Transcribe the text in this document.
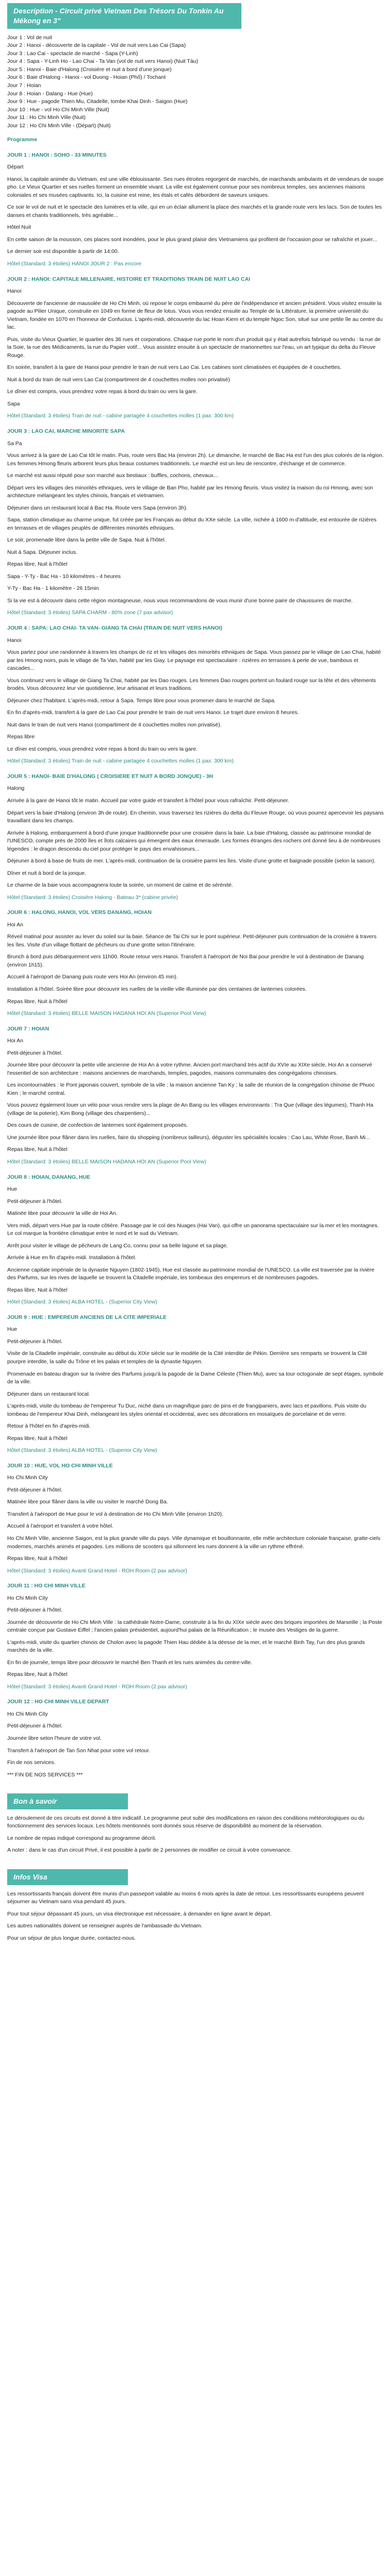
Description - Circuit privé Vietnam Des Trésors Du Tonkin Au Mékong en 3"
Jour 1 : Vol de nuit
Jour 2 : Hanoi - découverte de la capitale - Vol de nuit vers Lao Cai (Sapa)
Jour 3 : Lao Cai - spectacle de marché - Sapa (Y-Linh)
Jour 4 : Sapa - Y-Linh Ho - Lao Chai - Ta Van (vol de nuit vers Hanoi) (Nuit Tàu)
Jour 5 : Hanoi - Baie d'Halong (Croisière et nuit à bord d'une jonque)
Jour 6 : Baie d'Halong - Hanoi - vol Duong - Hoian (Phố) / Tochant
Jour 7 : Hoian
Jour 8 : Hoian - Dalang - Hue (Hue)
Jour 9 : Hue - pagode Thien Mu, Citadelle, tombe Khai Dinh - Saigon (Hue)
Jour 10 : Hue - vol Ho Chi Minh Ville (Nuit)
Jour 11 : Ho Chi Minh Ville (Nuit)
Jour 12 : Ho Chi Minh Ville - (Départ) (Nuit)
Programme
JOUR 1 : HANOI : SOHO - 33 MINUTES

Départ

Hanoi, la capitale animée du Vietnam, est une ville éblouissante. Ses rues étroites regorgent de marchés, de marchands ambulants et de vendeurs de soupe pho. Le Vieux Quartier et ses ruelles forment un ensemble vivant. La ville est également connue pour ses nombreux temples, ses anciennes maisons coloniales et ses musées captivants. Ici, la cuisine est reine, les étals et cafés débordent de saveurs uniques.

Ce soir le vol de nuit et le spectacle des lumières et la ville, qui en un éclair allument la place des marchés et la grande route vers les lacs. Son de toutes les danses et chants traditionnels, très agréable...

Hôtel Nuit

En cette saison de la mousson, ces places sont inondées, pour le plus grand plaisir des Vietnamiens qui profitent de l'occasion pour se rafraîchir et jouer...

Le dernier soir est disponible à partir de 14:00.

Hôtel (Standard: 3 étoiles) HANOI JOUR 2 : Pas encore

JOUR 2 : HANOI: CAPITALE MILLENAIRE, HISTOIRE ET TRADITIONS TRAIN DE NUIT LAO CAI

Hanoi

Découverte de l'ancienne de mausolée de Ho Chi Minh, où repose le corps embaumé du père de l'indépendance et ancien président. Vous visitez ensuite la pagode au Pilier Unique, construite en 1049 en forme de fleur de lotus. Vous vous rendez ensuite au Temple de la Littérature, la première université du Vietnam, fondée en 1070 en l'honneur de Confucius. L'après-midi, découverte du lac Hoan Kiem et du temple Ngoc Son, situé sur une petite île au centre du lac.

Puis, visite du Vieux Quartier, le quartier des 36 rues et corporations. Chaque rue porte le nom d'un produit qui y était autrefois fabriqué ou vendu : la rue de la Soie, la rue des Médicaments, la rue du Papier votif... Vous assistez ensuite à un spectacle de marionnettes sur l'eau, un art typique du delta du Fleuve Rouge.

En soirée, transfert à la gare de Hanoi pour prendre le train de nuit vers Lao Cai. Les cabines sont climatisées et équipées de 4 couchettes.

Nuit à bord du train de nuit vers Lao Cai (compartiment de 4 couchettes molles non privatisé)

Le dîner est compris, vous prendrez votre repas à bord du train ou vers la gare.

Sapa

Hôtel (Standard: 3 étoiles) Train de nuit - cabine partagée 4 couchettes molles (1 pax: 300 km)

JOUR 3 : LAO CAI, MARCHE MINORITE SAPA

Sa Pa

Vous arrivez à la gare de Lao Cai tôt le matin. Puis, route vers Bac Ha (environ 2h). Le dimanche, le marché de Bac Ha est l'un des plus colorés de la région. Les femmes Hmong fleuris arborent leurs plus beaux costumes traditionnels. Le marché est un lieu de rencontre, d'échange et de commerce.

Le marché est aussi réputé pour son marché aux bestiaux : buffles, cochons, chevaux...

Départ vers les villages des minorités ethniques, vers le village de Ban Pho, habité par les Hmong fleuris. Vous visitez la maison du roi Hmong, avec son architecture mélangeant les styles chinois, français et vietnamien.

Déjeuner dans un restaurant local à Bac Ha. Route vers Sapa (environ 3h).

Sapa, station climatique au charme unique, fut créée par les Français au début du XXe siècle. La ville, nichée à 1600 m d'altitude, est entourée de rizières en terrasses et de villages peuplés de différentes minorités ethniques.

Le soir, promenade libre dans la petite ville de Sapa. Nuit à l'hôtel.

Nuit à Sapa. Déjeuner inclus.

Repas libre, Nuit à l'hôtel

Sapa - Y-Ty - Bac Ha - 10 kilomètres - 4 heures

Y-Ty - Bac Ha - 1 kilomètre - 26 15min

Si la vie est à découvrir dans cette région montagneuse, nous vous recommandons de vous munir d'une bonne paire de chaussures de marche.

Hôtel (Standard: 3 étoiles) SAPA CHARM - 80% zone (7 pax advisor)

JOUR 4 : SAPA: LAO CHAI- TA VAN- GIANG TA CHAI (TRAIN DE NUIT VERS HANOI)

Hanoi

Vous partez pour une randonnée à travers les champs de riz et les villages des minorités ethniques de Sapa. Vous passez par le village de Lao Chai, habité par les Hmong noirs, puis le village de Ta Van, habité par les Giay. Le paysage est spectaculaire : rizières en terrasses à perte de vue, bambous et cascades...

Vous continuez vers le village de Giang Ta Chai, habité par les Dao rouges. Les femmes Dao rouges portent un foulard rouge sur la tête et des vêtements brodés. Vous découvrez leur vie quotidienne, leur artisanat et leurs traditions.

Déjeuner chez l'habitant. L'après-midi, retour à Sapa. Temps libre pour vous promener dans le marché de Sapa.

En fin d'après-midi, transfert à la gare de Lao Cai pour prendre le train de nuit vers Hanoi. Le trajet dure environ 8 heures.

Nuit dans le train de nuit vers Hanoi (compartiment de 4 couchettes molles non privatisé).

Repas libre

Le dîner est compris, vous prendrez votre repas à bord du train ou vers la gare.

Hôtel (Standard: 3 étoiles) Train de nuit - cabine partagée 4 couchettes molles (1 pax: 300 km)

JOUR 5 : HANOI- BAIE D'HALONG ( CROISIERE ET NUIT A BORD JONQUE) - 3H

Halong

Arrivée à la gare de Hanoi tôt le matin. Accueil par votre guide et transfert à l'hôtel pour vous rafraîchir. Petit-déjeuner.

Départ vers la baie d'Halong (environ 3h de route). En chemin, vous traversez les rizières du delta du Fleuve Rouge, où vous pourrez apercevoir les paysans travaillant dans les champs.

Arrivée à Halong, embarquement à bord d'une jonque traditionnelle pour une croisière dans la baie. La baie d'Halong, classée au patrimoine mondial de l'UNESCO, compte près de 2000 îles et îlots calcaires qui émergent des eaux émeraude. Les formes étranges des rochers ont donné lieu à de nombreuses légendes : le dragon descendu du ciel pour protéger le pays des envahisseurs...

Déjeuner à bord à base de fruits de mer. L'après-midi, continuation de la croisière parmi les îles. Visite d'une grotte et baignade possible (selon la saison).

Dîner et nuit à bord de la jonque.

Le charme de la baie vous accompagnera toute la soirée, un moment de calme et de sérénité.

Hôtel (Standard: 3 étoiles) Croisière Halong - Bateau 3* (cabine privée)

JOUR 6 : HALONG, HANOI, VOL VERS DANANG, HOIAN

Hoi An

Réveil matinal pour assister au lever du soleil sur la baie. Séance de Tai Chi sur le pont supérieur. Petit-déjeuner puis continuation de la croisière à travers les îles. Visite d'un village flottant de pêcheurs ou d'une grotte selon l'itinéraire.

Brunch à bord puis débarquement vers 11h00. Route retour vers Hanoi. Transfert à l'aéroport de Noi Bai pour prendre le vol à destination de Danang (environ 1h15).

Accueil à l'aéroport de Danang puis route vers Hoi An (environ 45 min).

Installation à l'hôtel. Soirée libre pour découvrir les ruelles de la vieille ville illuminée par des centaines de lanternes colorées.

Repas libre, Nuit à l'hôtel

Hôtel (Standard: 3 étoiles) BELLE MAISON HADANA HOI AN (Superior Pool View)

JOUR 7 : HOIAN

Hoi An

Petit-déjeuner à l'hôtel.

Journée libre pour découvrir la petite ville ancienne de Hoi An à votre rythme. Ancien port marchand très actif du XVIe au XIXe siècle, Hoi An a conservé l'essentiel de son architecture : maisons anciennes de marchands, temples, pagodes, maisons communales des congrégations chinoises.

Les incontournables : le Pont japonais couvert, symbole de la ville ; la maison ancienne Tan Ky ; la salle de réunion de la congrégation chinoise de Phuoc Kien ; le marché central.

Vous pouvez également louer un vélo pour vous rendre vers la plage de An Bang ou les villages environnants : Tra Que (village des légumes), Thanh Ha (village de la poterie), Kim Bong (village des charpentiers)...

Des cours de cuisine, de confection de lanternes sont également proposés.

Une journée libre pour flâner dans les ruelles, faire du shopping (nombreux tailleurs), déguster les spécialités locales : Cao Lau, White Rose, Banh Mi...

Repas libre, Nuit à l'hôtel

Hôtel (Standard: 3 étoiles) BELLE MAISON HADANA HOI AN (Superior Pool View)

JOUR 8 : HOIAN, DANANG, HUE

Hue

Petit-déjeuner à l'hôtel.

Matinée libre pour découvrir la ville de Hoi An.

Vers midi, départ vers Hue par la route côtière. Passage par le col des Nuages (Hai Van), qui offre un panorama spectaculaire sur la mer et les montagnes. Le col marque la frontière climatique entre le nord et le sud du Vietnam.

Arrêt pour visiter le village de pêcheurs de Lang Co, connu pour sa belle lagune et sa plage.

Arrivée à Hue en fin d'après-midi. Installation à l'hôtel.

Ancienne capitale impériale de la dynastie Nguyen (1802-1945), Hue est classée au patrimoine mondial de l'UNESCO. La ville est traversée par la rivière des Parfums, sur les rives de laquelle se trouvent la Citadelle impériale, les tombeaux des empereurs et de nombreuses pagodes.

Repas libre, Nuit à l'hôtel

Hôtel (Standard: 3 étoiles) ALBA HOTEL - (Superior City View)

JOUR 9 : HUE : EMPEREUR ANCIENS DE LA CITE IMPERIALE

Hue

Petit-déjeuner à l'hôtel.

Visite de la Citadelle impériale, construite au début du XIXe siècle sur le modèle de la Cité interdite de Pékin. Derrière ses remparts se trouvent la Cité pourpre interdite, la salle du Trône et les palais et temples de la dynastie Nguyen.

Promenade en bateau dragon sur la rivière des Parfums jusqu'à la pagode de la Dame Céleste (Thien Mu), avec sa tour octogonale de sept étages, symbole de la ville.

Déjeuner dans un restaurant local.

L'après-midi, visite du tombeau de l'empereur Tu Duc, niché dans un magnifique parc de pins et de frangipaniers, avec lacs et pavillons. Puis visite du tombeau de l'empereur Khai Dinh, mélangeant les styles oriental et occidental, avec ses décorations en mosaïques de porcelaine et de verre.

Retour à l'hôtel en fin d'après-midi.

Repas libre, Nuit à l'hôtel

Hôtel (Standard: 3 étoiles) ALBA HOTEL - (Superior City View)

JOUR 10 : HUE, VOL HO CHI MINH VILLE

Ho Chi Minh City

Petit-déjeuner à l'hôtel.

Matinée libre pour flâner dans la ville ou visiter le marché Dong Ba.

Transfert à l'aéroport de Hue pour le vol à destination de Ho Chi Minh Ville (environ 1h20).

Accueil à l'aéroport et transfert à votre hôtel.

Ho Chi Minh Ville, ancienne Saigon, est la plus grande ville du pays. Ville dynamique et bouillonnante, elle mêle architecture coloniale française, gratte-ciels modernes, marchés animés et pagodes. Les millions de scooters qui sillonnent les rues donnent à la ville un rythme effréné.

Repas libre, Nuit à l'hôtel

Hôtel (Standard: 3 étoiles) Avanti Grand Hotel - ROH Room (2 pax advisor)

JOUR 11 : HO CHI MINH VILLE

Ho Chi Minh City

Petit-déjeuner à l'hôtel.

Journée de découverte de Ho Chi Minh Ville : la cathédrale Notre-Dame, construite à la fin du XIXe siècle avec des briques importées de Marseille ; la Poste centrale conçue par Gustave Eiffel ; l'ancien palais présidentiel, aujourd'hui palais de la Réunification ; le musée des Vestiges de la guerre.

L'après-midi, visite du quartier chinois de Cholon avec la pagode Thien Hau dédiée à la déesse de la mer, et le marché Binh Tay, l'un des plus grands marchés de la ville.

En fin de journée, temps libre pour découvrir le marché Ben Thanh et les rues animées du centre-ville.

Repas libre, Nuit à l'hôtel

Hôtel (Standard: 3 étoiles) Avanti Grand Hotel - ROH Room (2 pax advisor)

JOUR 12 : HO CHI MINH VILLE DEPART

Ho Chi Minh City

Petit-déjeuner à l'hôtel.

Journée libre selon l'heure de votre vol.

Transfert à l'aéroport de Tan Son Nhat pour votre vol retour.

Fin de nos services.

*** FIN DE NOS SERVICES ***

Bon à savoir

Le déroulement de ces circuits est donné à titre indicatif. Le programme peut subir des modifications en raison des conditions météorologiques ou du fonctionnement des services locaux. Les hôtels mentionnés sont donnés sous réserve de disponibilité au moment de la réservation.

Le nombre de repas indiqué correspond au programme décrit.

A noter : dans le cas d'un circuit Privé, il est possible à partir de 2 personnes de modifier ce circuit à votre convenance.

Infos Visa

Les ressortissants français doivent être munis d'un passeport valable au moins 6 mois après la date de retour. Les ressortissants européens peuvent séjourner au Vietnam sans visa pendant 45 jours.

Pour tout séjour dépassant 45 jours, un visa électronique est nécessaire, à demander en ligne avant le départ.

Les autres nationalités doivent se renseigner auprès de l'ambassade du Vietnam.

Pour un séjour de plus longue durée, contactez-nous.
